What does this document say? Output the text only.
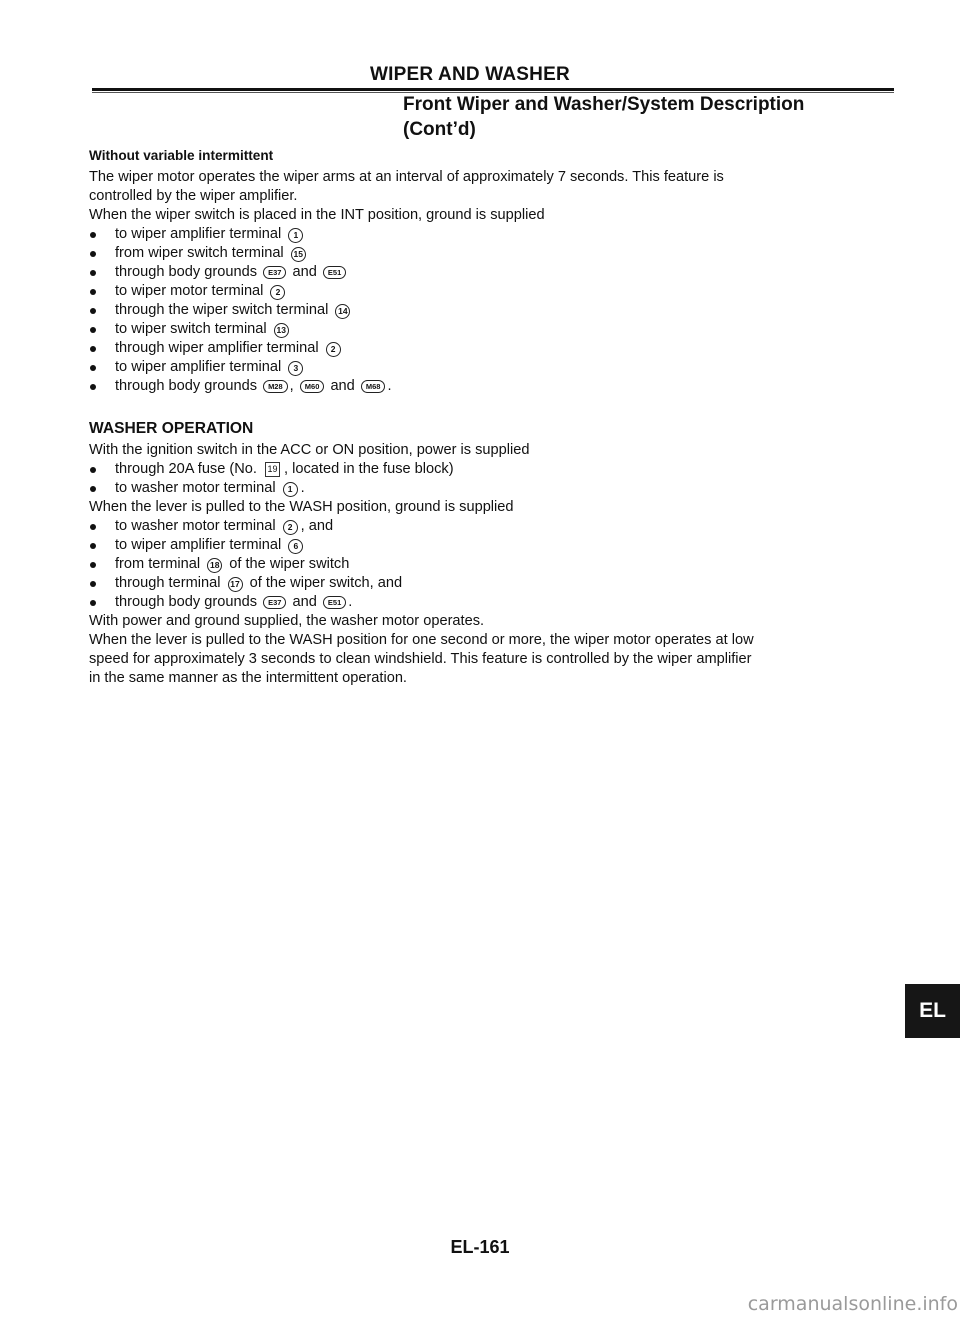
WIPER AND WASHER
Front Wiper and Washer/System Description
(Cont’d)
Without variable intermittent
The wiper motor operates the wiper arms at an interval of approximately 7 seconds. This feature is
controlled by the wiper amplifier.
When the wiper switch is placed in the INT position, ground is supplied
to wiper amplifier terminal 1
from wiper switch terminal 15
through body grounds E37 and E51
to wiper motor terminal 2
through the wiper switch terminal 14
to wiper switch terminal 13
through wiper amplifier terminal 2
to wiper amplifier terminal 3
through body grounds M28 , M60 and M68 .
WASHER OPERATION
With the ignition switch in the ACC or ON position, power is supplied
through 20A fuse (No. 19 , located in the fuse block)
to washer motor terminal 1 .
When the lever is pulled to the WASH position, ground is supplied
to washer motor terminal 2 , and
to wiper amplifier terminal 6
from terminal 18 of the wiper switch
through terminal 17 of the wiper switch, and
through body grounds E37 and E51 .
With power and ground supplied, the washer motor operates.
When the lever is pulled to the WASH position for one second or more, the wiper motor operates at low
speed for approximately 3 seconds to clean windshield. This feature is controlled by the wiper amplifier
in the same manner as the intermittent operation.
EL
EL-161
carmanualsonline.info
